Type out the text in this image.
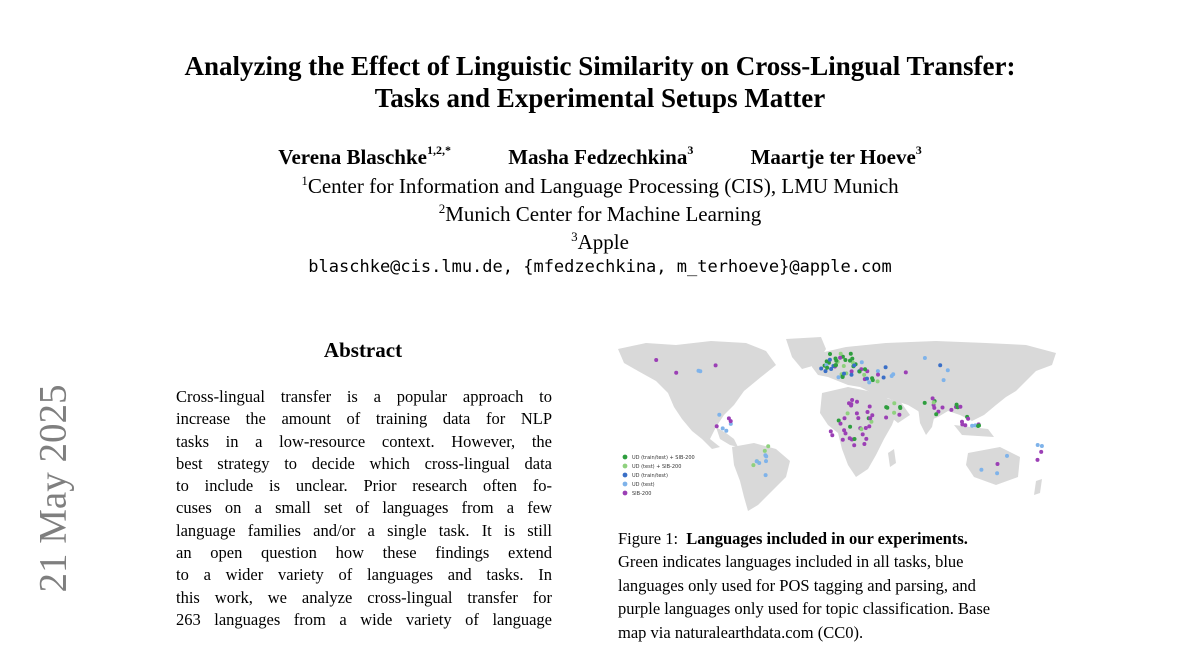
21 May 2025
Analyzing the Effect of Linguistic Similarity on Cross-Lingual Transfer:
Tasks and Experimental Setups Matter
Verena Blaschke$^{1,2,*}$	Masha Fedzechkina$^3$	Maartje ter Hoeve$^3$
$^1$Center for Information and Language Processing (CIS), LMU Munich
$^2$Munich Center for Machine Learning
$^3$Apple
blaschke@cis.lmu.de, {mfedzechkina, m_terhoeve}@apple.com
Abstract
Cross-lingual transfer is a popular approach to
increase the amount of training data for NLP
tasks in a low-resource context. However, the
best strategy to decide which cross-lingual data
to include is unclear. Prior research often fo-
cuses on a small set of languages from a few
language families and/or a single task. It is still
an open question how these findings extend
to a wider variety of languages and tasks. In
this work, we analyze cross-lingual transfer for
263 languages from a wide variety of language
UD (train/test) + SIB-200
UD (test) + SIB-200
UD (train/test)
UD (test)
SIB-200
Figure 1: Languages included in our experiments.
Green indicates languages included in all tasks, blue
languages only used for POS tagging and parsing, and
purple languages only used for topic classification. Base
map via naturalearthdata.com (CC0).
